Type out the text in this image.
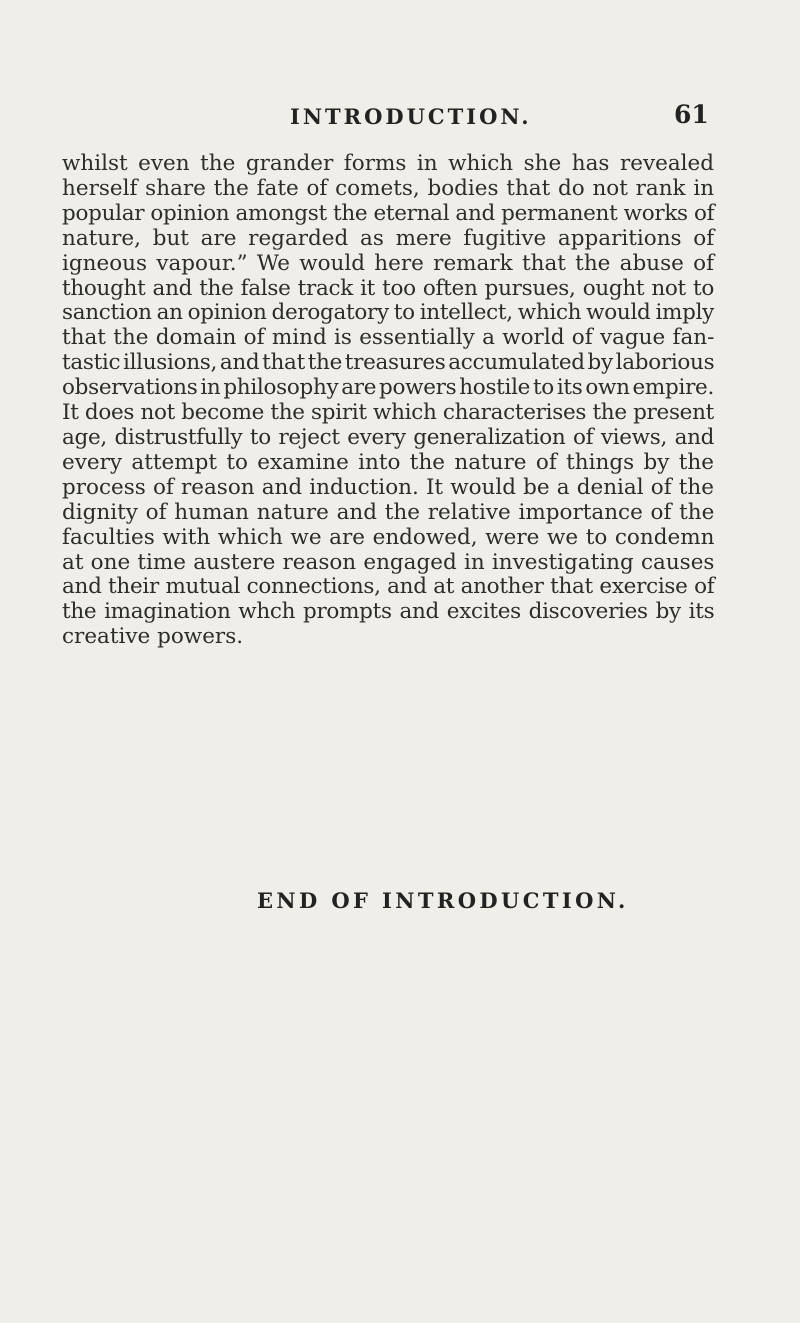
INTRODUCTION.	61
whilst even the grander forms in which she has revealed
herself share the fate of comets, bodies that do not rank in
popular opinion amongst the eternal and permanent works of
nature, but are regarded as mere fugitive apparitions of
igneous vapour.” We would here remark that the abuse of
thought and the false track it too often pursues, ought not to
sanction an opinion derogatory to intellect, which would imply
that the domain of mind is essentially a world of vague fan-
tastic illusions, and that the treasures accumulated by laborious
observations in philosophy are powers hostile to its own empire.
It does not become the spirit which characterises the present
age, distrustfully to reject every generalization of views, and
every attempt to examine into the nature of things by the
process of reason and induction. It would be a denial of the
dignity of human nature and the relative importance of the
faculties with which we are endowed, were we to condemn
at one time austere reason engaged in investigating causes
and their mutual connections, and at another that exercise of
the imagination whch prompts and excites discoveries by its
creative powers.
END OF INTRODUCTION.
